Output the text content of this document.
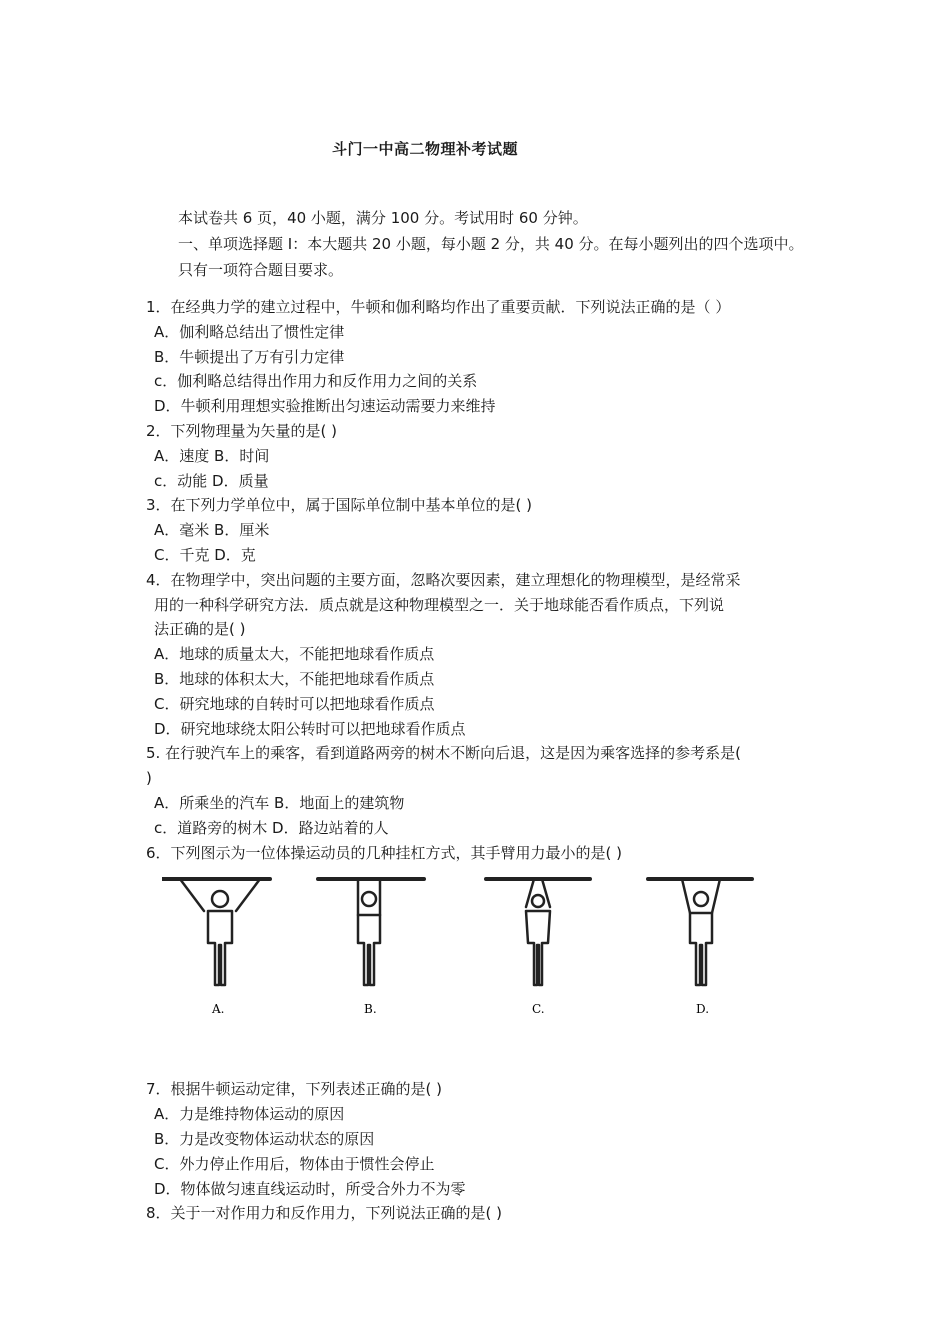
斗门一中高二物理补考试题
本试卷共 6 页，40 小题，满分 100 分。考试用时 60 分钟。
一、单项选择题 I：本大题共 20 小题，每小题 2 分，共 40 分。在每小题列出的四个选项中。
只有一项符合题目要求。
1．在经典力学的建立过程中，牛顿和伽利略均作出了重要贡献．下列说法正确的是（ ）
A．伽利略总结出了惯性定律
B．牛顿提出了万有引力定律
c．伽利略总结得出作用力和反作用力之间的关系
D．牛顿利用理想实验推断出匀速运动需要力来维持
2．下列物理量为矢量的是( )
A．速度 B．时间
c．动能 D．质量
3．在下列力学单位中，属于国际单位制中基本单位的是( )
A．毫米 B．厘米
C．千克 D．克
4．在物理学中，突出问题的主要方面，忽略次要因素，建立理想化的物理模型，是经常采
用的一种科学研究方法．质点就是这种物理模型之一．关于地球能否看作质点，下列说
法正确的是( )
A．地球的质量太大，不能把地球看作质点
B．地球的体积太大，不能把地球看作质点
C．研究地球的自转时可以把地球看作质点
D．研究地球绕太阳公转时可以把地球看作质点
5. 在行驶汽车上的乘客，看到道路两旁的树木不断向后退，这是因为乘客选择的参考系是(
)
A．所乘坐的汽车 B．地面上的建筑物
c．道路旁的树木 D．路边站着的人
6．下列图示为一位体操运动员的几种挂杠方式，其手臂用力最小的是( )
A.	B.	C.	D.
7．根据牛顿运动定律，下列表述正确的是( )
A．力是维持物体运动的原因
B．力是改变物体运动状态的原因
C．外力停止作用后，物体由于惯性会停止
D．物体做匀速直线运动时，所受合外力不为零
8．关于一对作用力和反作用力，下列说法正确的是( )
